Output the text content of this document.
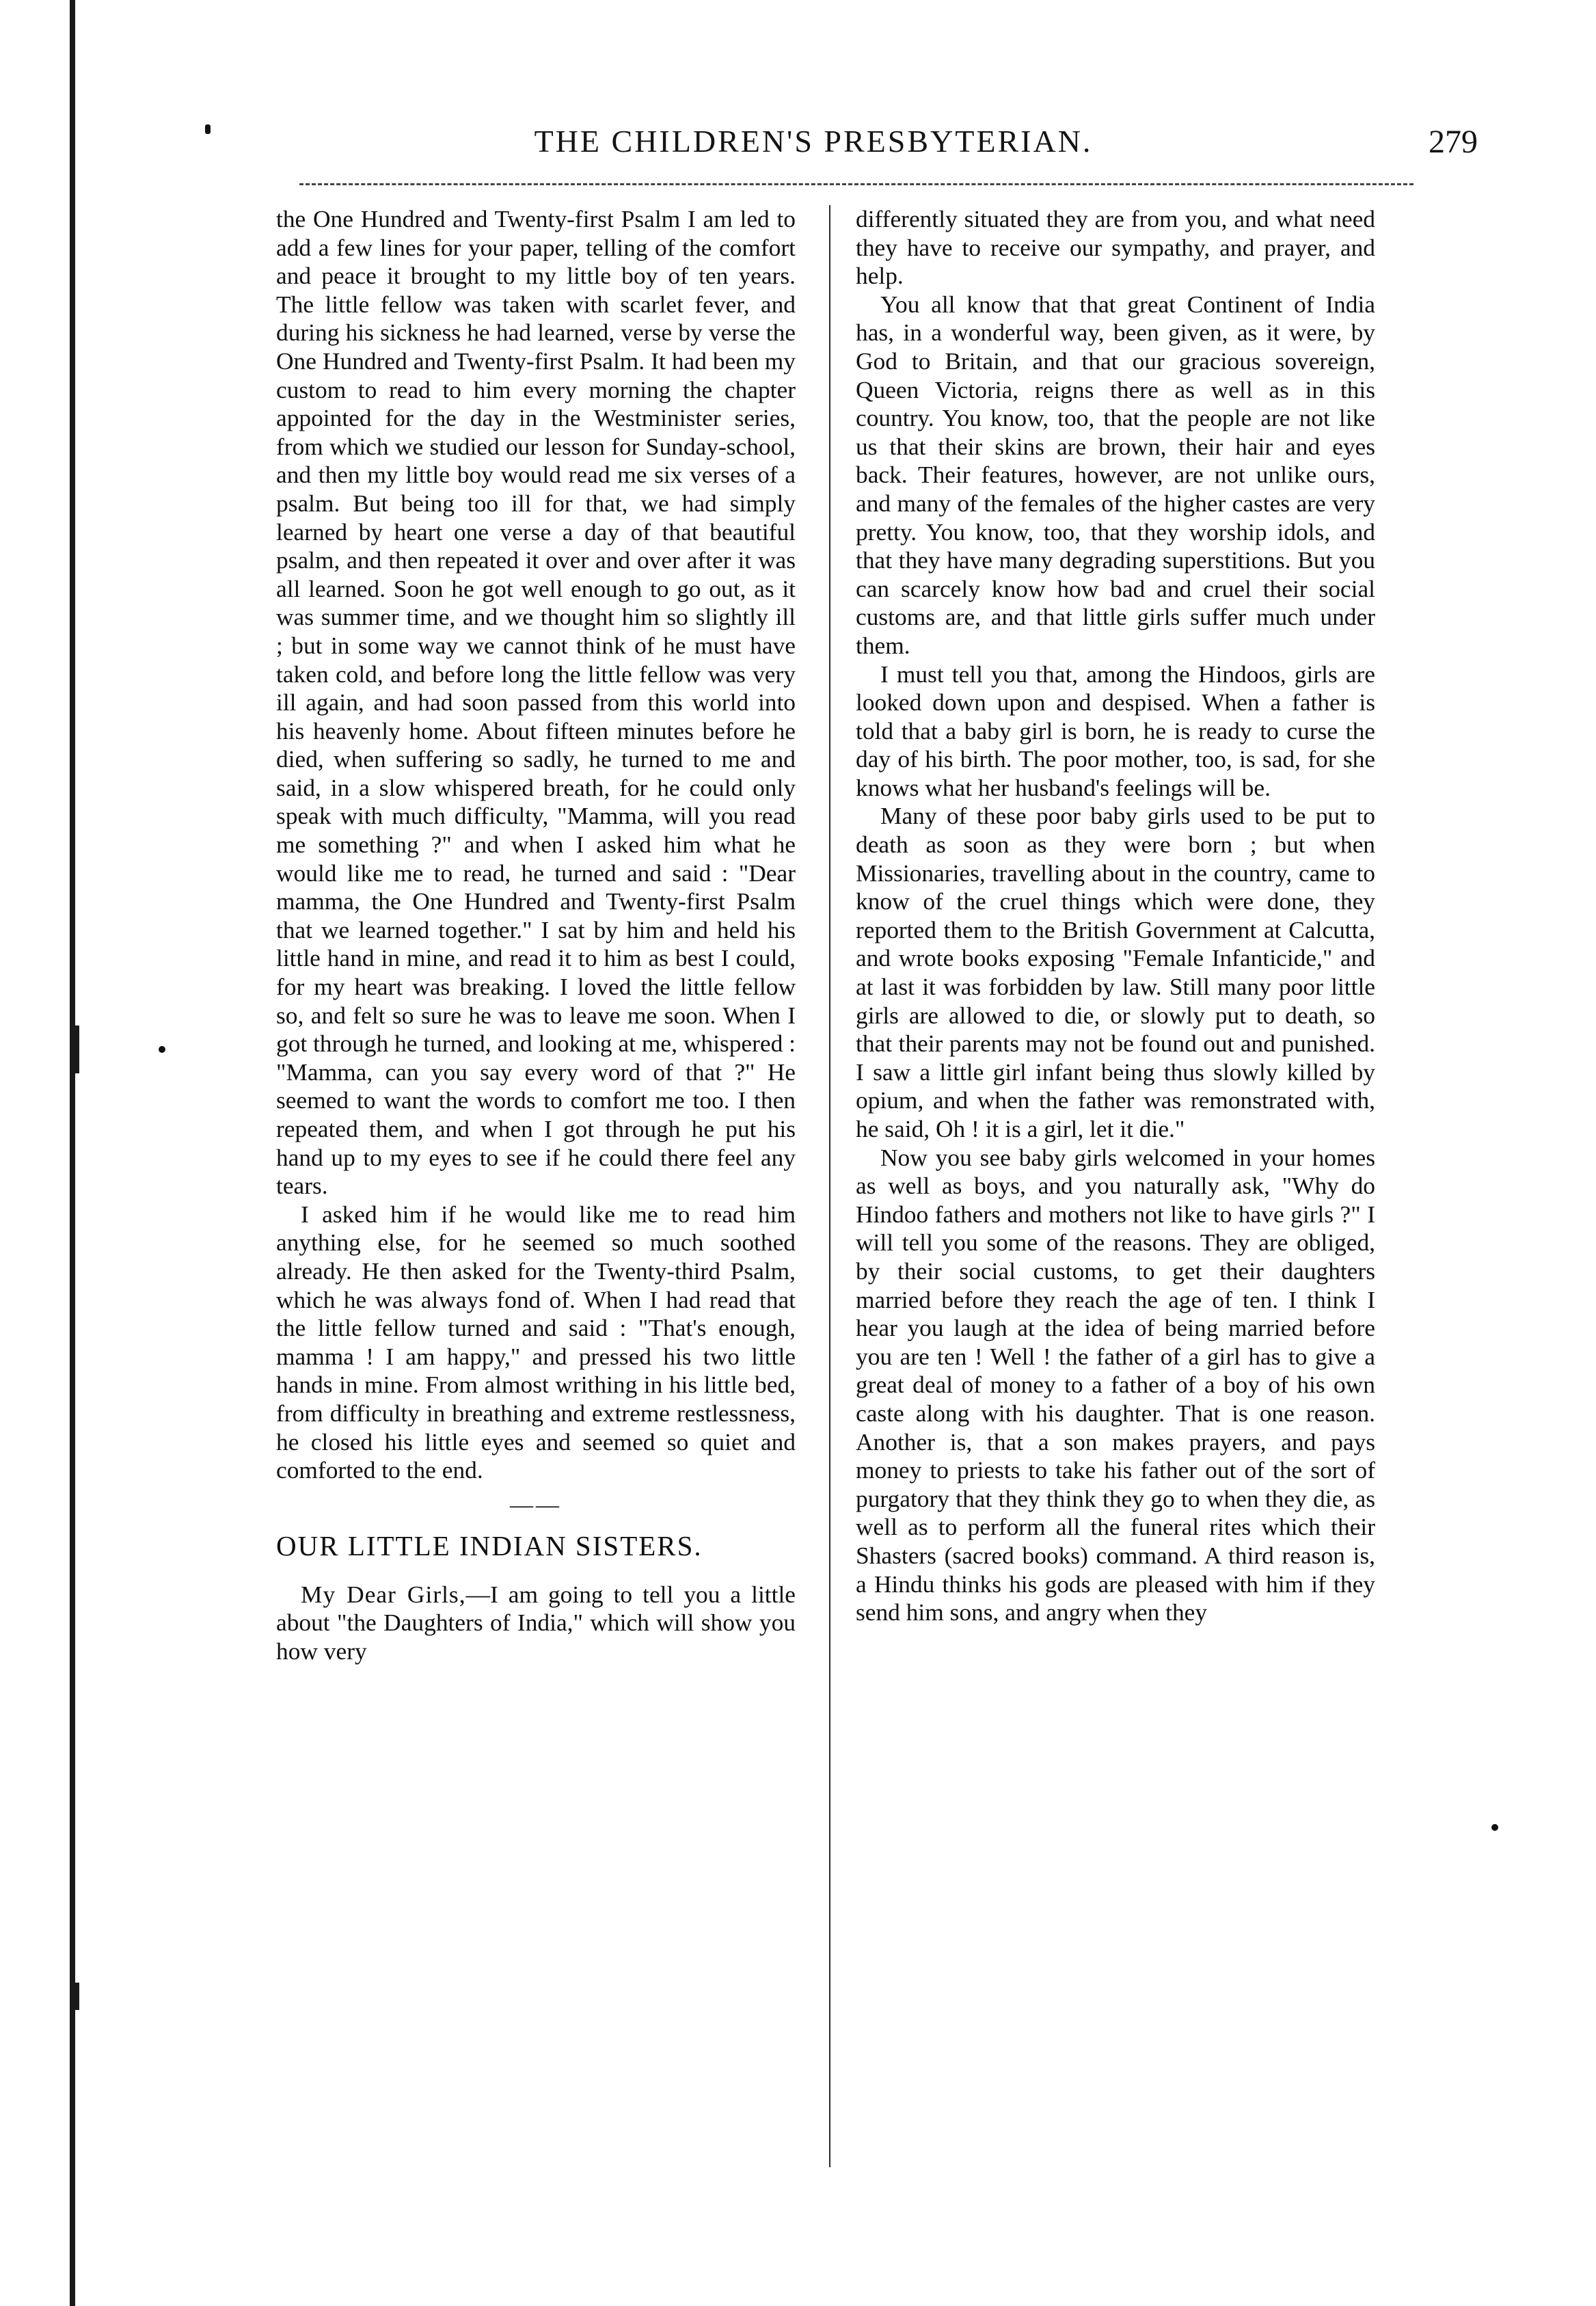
THE CHILDREN'S PRESBYTERIAN.	279

the One Hundred and Twenty-first Psalm I am led to add a few lines for your paper, telling of the comfort and peace it brought to my little boy of ten years. The little fellow was taken with scarlet fever, and during his sickness he had learned, verse by verse the One Hundred and Twenty-first Psalm. It had been my custom to read to him every morning the chapter appointed for the day in the Westminister series, from which we studied our lesson for Sunday-school, and then my little boy would read me six verses of a psalm. But being too ill for that, we had simply learned by heart one verse a day of that beautiful psalm, and then repeated it over and over after it was all learned. Soon he got well enough to go out, as it was summer time, and we thought him so slightly ill ; but in some way we cannot think of he must have taken cold, and before long the little fellow was very ill again, and had soon passed from this world into his heavenly home. About fifteen minutes before he died, when suffering so sadly, he turned to me and said, in a slow whispered breath, for he could only speak with much difficulty, "Mamma, will you read me something ?" and when I asked him what he would like me to read, he turned and said : "Dear mamma, the One Hundred and Twenty-first Psalm that we learned together." I sat by him and held his little hand in mine, and read it to him as best I could, for my heart was breaking. I loved the little fellow so, and felt so sure he was to leave me soon. When I got through he turned, and looking at me, whispered : "Mamma, can you say every word of that ?" He seemed to want the words to comfort me too. I then repeated them, and when I got through he put his hand up to my eyes to see if he could there feel any tears.

I asked him if he would like me to read him anything else, for he seemed so much soothed already. He then asked for the Twenty-third Psalm, which he was always fond of. When I had read that the little fellow turned and said : "That's enough, mamma ! I am happy," and pressed his two little hands in mine. From almost writhing in his little bed, from difficulty in breathing and extreme restlessness, he closed his little eyes and seemed so quiet and comforted to the end.

——
OUR LITTLE INDIAN SISTERS.

My Dear Girls,—I am going to tell you a little about "the Daughters of India," which will show you how very

differently situated they are from you, and what need they have to receive our sympathy, and prayer, and help.

You all know that that great Continent of India has, in a wonderful way, been given, as it were, by God to Britain, and that our gracious sovereign, Queen Victoria, reigns there as well as in this country. You know, too, that the people are not like us that their skins are brown, their hair and eyes back. Their features, however, are not unlike ours, and many of the females of the higher castes are very pretty. You know, too, that they worship idols, and that they have many degrading superstitions. But you can scarcely know how bad and cruel their social customs are, and that little girls suffer much under them.

I must tell you that, among the Hindoos, girls are looked down upon and despised. When a father is told that a baby girl is born, he is ready to curse the day of his birth. The poor mother, too, is sad, for she knows what her husband's feelings will be.

Many of these poor baby girls used to be put to death as soon as they were born ; but when Missionaries, travelling about in the country, came to know of the cruel things which were done, they reported them to the British Government at Calcutta, and wrote books exposing "Female Infanticide," and at last it was forbidden by law. Still many poor little girls are allowed to die, or slowly put to death, so that their parents may not be found out and punished. I saw a little girl infant being thus slowly killed by opium, and when the father was remonstrated with, he said, Oh ! it is a girl, let it die."

Now you see baby girls welcomed in your homes as well as boys, and you naturally ask, "Why do Hindoo fathers and mothers not like to have girls ?" I will tell you some of the reasons. They are obliged, by their social customs, to get their daughters married before they reach the age of ten. I think I hear you laugh at the idea of being married before you are ten ! Well ! the father of a girl has to give a great deal of money to a father of a boy of his own caste along with his daughter. That is one reason. Another is, that a son makes prayers, and pays money to priests to take his father out of the sort of purgatory that they think they go to when they die, as well as to perform all the funeral rites which their Shasters (sacred books) command. A third reason is, a Hindu thinks his gods are pleased with him if they send him sons, and angry when they
